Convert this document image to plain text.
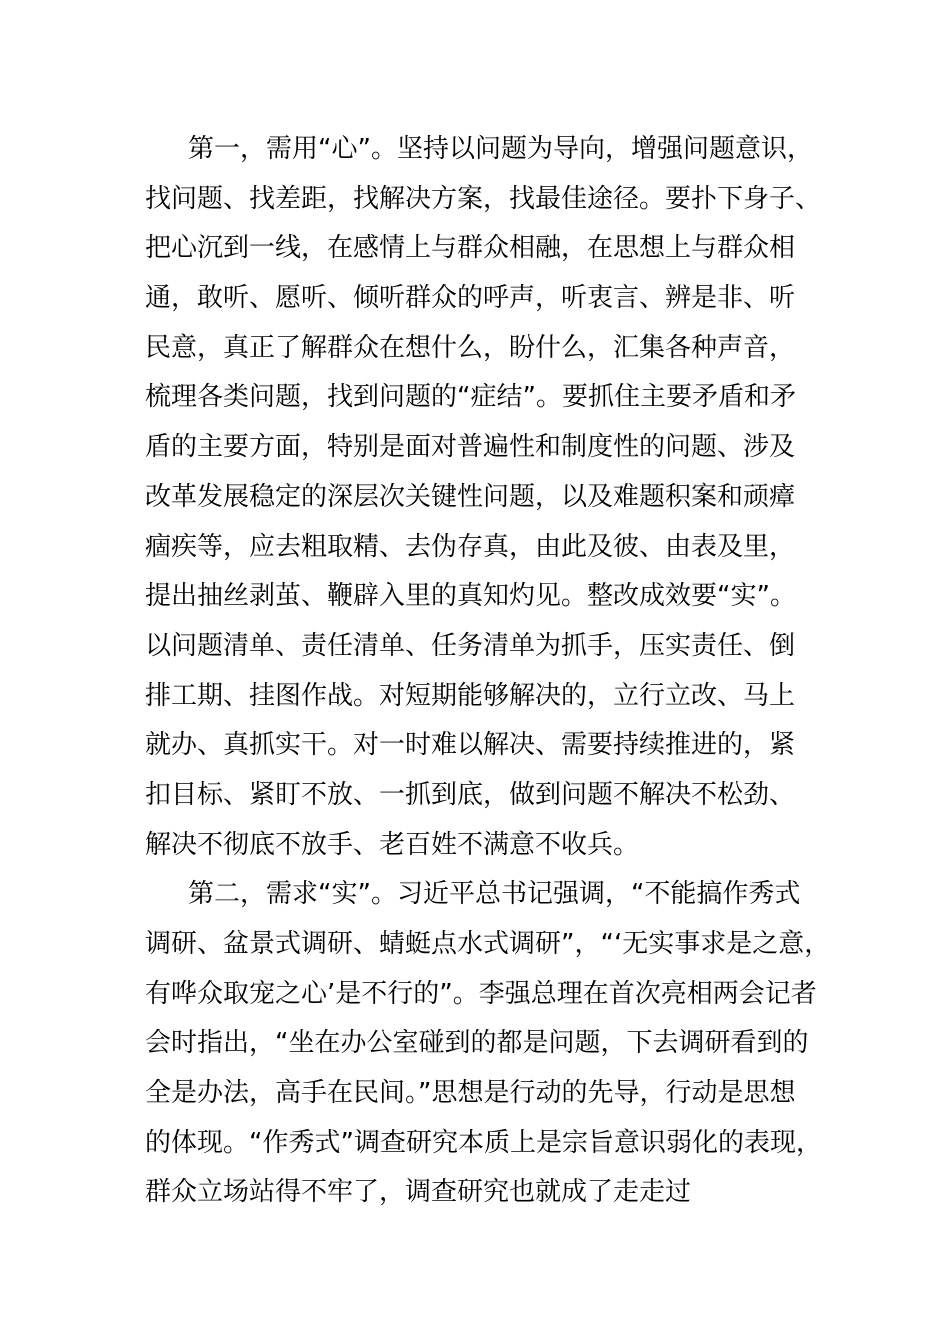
第一，需用“心”。坚持以问题为导向，增强问题意识，
找问题、找差距，找解决方案，找最佳途径。要扑下身子、
把心沉到一线，在感情上与群众相融，在思想上与群众相
通，敢听、愿听、倾听群众的呼声，听衷言、辨是非、听
民意，真正了解群众在想什么，盼什么，汇集各种声音，
梳理各类问题，找到问题的“症结”。要抓住主要矛盾和矛
盾的主要方面，特别是面对普遍性和制度性的问题、涉及
改革发展稳定的深层次关键性问题，以及难题积案和顽瘴
痼疾等，应去粗取精、去伪存真，由此及彼、由表及里，
提出抽丝剥茧、鞭辟入里的真知灼见。整改成效要“实”。
以问题清单、责任清单、任务清单为抓手，压实责任、倒
排工期、挂图作战。对短期能够解决的，立行立改、马上
就办、真抓实干。对一时难以解决、需要持续推进的，紧
扣目标、紧盯不放、一抓到底，做到问题不解决不松劲、
解决不彻底不放手、老百姓不满意不收兵。
第二，需求“实”。习近平总书记强调，“不能搞作秀式
调研、盆景式调研、蜻蜓点水式调研”，“‘无实事求是之意，
有哗众取宠之心’是不行的”。李强总理在首次亮相两会记者
会时指出，“坐在办公室碰到的都是问题，下去调研看到的
全是办法，高手在民间。”思想是行动的先导，行动是思想
的体现。“作秀式”调查研究本质上是宗旨意识弱化的表现，
群众立场站得不牢了，调查研究也就成了走走过
